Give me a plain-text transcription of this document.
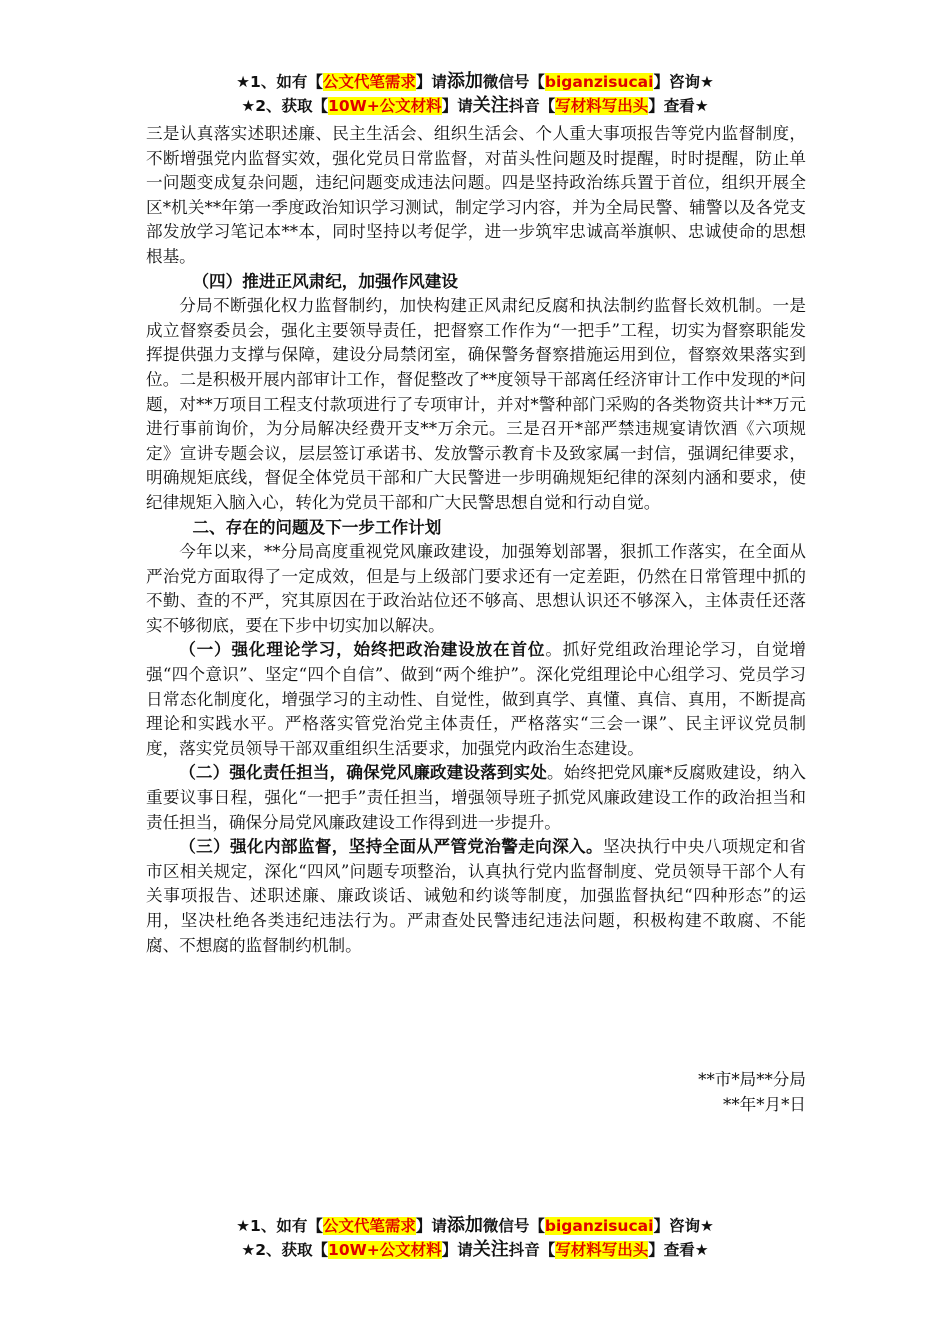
★1、如有【公文代笔需求】请添加微信号【biganzisucai】咨询★
★2、获取【10W+公文材料】请关注抖音【写材料写出头】查看★

三是认真落实述职述廉、民主生活会、组织生活会、个人重大事项报告等党内监督制度，不断增强党内监督实效，强化党员日常监督，对苗头性问题及时提醒，时时提醒，防止单一问题变成复杂问题，违纪问题变成违法问题。四是坚持政治练兵置于首位，组织开展全区*机关**年第一季度政治知识学习测试，制定学习内容，并为全局民警、辅警以及各党支部发放学习笔记本**本，同时坚持以考促学，进一步筑牢忠诚高举旗帜、忠诚使命的思想根基。

（四）推进正风肃纪，加强作风建设

分局不断强化权力监督制约，加快构建正风肃纪反腐和执法制约监督长效机制。一是成立督察委员会，强化主要领导责任，把督察工作作为“一把手”工程，切实为督察职能发挥提供强力支撑与保障，建设分局禁闭室，确保警务督察措施运用到位，督察效果落实到位。二是积极开展内部审计工作，督促整改了**度领导干部离任经济审计工作中发现的*问题，对**万项目工程支付款项进行了专项审计，并对*警种部门采购的各类物资共计**万元进行事前询价，为分局解决经费开支**万余元。三是召开*部严禁违规宴请饮酒《六项规定》宣讲专题会议，层层签订承诺书、发放警示教育卡及致家属一封信，强调纪律要求，明确规矩底线，督促全体党员干部和广大民警进一步明确规矩纪律的深刻内涵和要求，使纪律规矩入脑入心，转化为党员干部和广大民警思想自觉和行动自觉。

二、存在的问题及下一步工作计划

今年以来，**分局高度重视党风廉政建设，加强筹划部署，狠抓工作落实，在全面从严治党方面取得了一定成效，但是与上级部门要求还有一定差距，仍然在日常管理中抓的不勤、查的不严，究其原因在于政治站位还不够高、思想认识还不够深入，主体责任还落实不够彻底，要在下步中切实加以解决。

（一）强化理论学习，始终把政治建设放在首位。抓好党组政治理论学习，自觉增强“四个意识”、坚定“四个自信”、做到“两个维护”。深化党组理论中心组学习、党员学习日常态化制度化，增强学习的主动性、自觉性，做到真学、真懂、真信、真用，不断提高理论和实践水平。严格落实管党治党主体责任，严格落实“三会一课”、民主评议党员制度，落实党员领导干部双重组织生活要求，加强党内政治生态建设。

（二）强化责任担当，确保党风廉政建设落到实处。始终把党风廉*反腐败建设，纳入重要议事日程，强化“一把手”责任担当，增强领导班子抓党风廉政建设工作的政治担当和责任担当，确保分局党风廉政建设工作得到进一步提升。

（三）强化内部监督，坚持全面从严管党治警走向深入。坚决执行中央八项规定和省市区相关规定，深化“四风”问题专项整治，认真执行党内监督制度、党员领导干部个人有关事项报告、述职述廉、廉政谈话、诫勉和约谈等制度，加强监督执纪“四种形态”的运用，坚决杜绝各类违纪违法行为。严肃查处民警违纪违法问题，积极构建不敢腐、不能腐、不想腐的监督制约机制。

**市*局**分局
**年*月*日
★1、如有【公文代笔需求】请添加微信号【biganzisucai】咨询★
★2、获取【10W+公文材料】请关注抖音【写材料写出头】查看★
